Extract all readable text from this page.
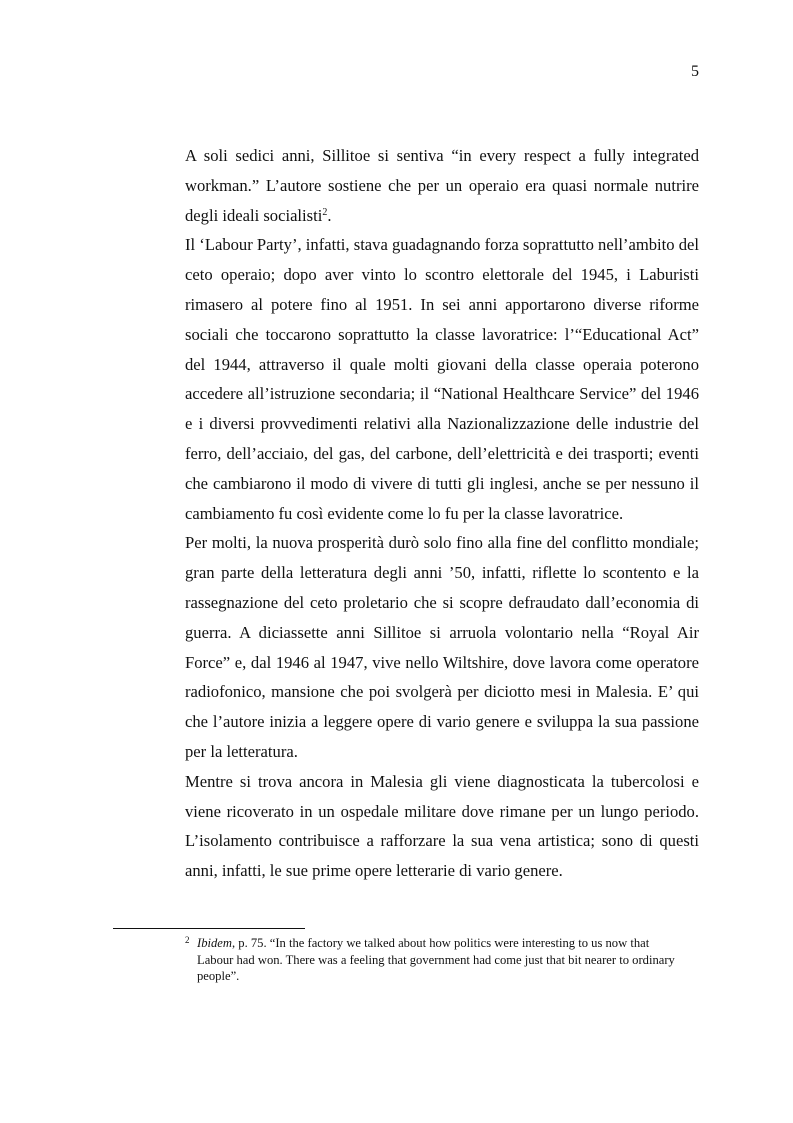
5

A soli sedici anni, Sillitoe si sentiva “in every respect a fully integrated workman.” L’autore sostiene che per un operaio era quasi normale nutrire degli ideali socialisti$^2$.

Il ‘Labour Party’, infatti, stava guadagnando forza soprattutto nell’ambito del ceto operaio; dopo aver vinto lo scontro elettorale del 1945, i Laburisti rimasero al potere fino al 1951. In sei anni apportarono diverse riforme sociali che toccarono soprattutto la classe lavoratrice: l’“Educational Act” del 1944, attraverso il quale molti giovani della classe operaia poterono accedere all’istruzione secondaria; il “National Healthcare Service” del 1946 e i diversi provvedimenti relativi alla Nazionalizzazione delle industrie del ferro, dell’acciaio, del gas, del carbone, dell’elettricità e dei trasporti; eventi che cambiarono il modo di vivere di tutti gli inglesi, anche se per nessuno il cambiamento fu così evidente come lo fu per la classe lavoratrice.

Per molti, la nuova prosperità durò solo fino alla fine del conflitto mondiale; gran parte della letteratura degli anni ’50, infatti, riflette lo scontento e la rassegnazione del ceto proletario che si scopre defraudato dall’economia di guerra. A diciassette anni Sillitoe si arruola volontario nella “Royal Air Force” e, dal 1946 al 1947, vive nello Wiltshire, dove lavora come operatore radiofonico, mansione che poi svolgerà per diciotto mesi in Malesia. E’ qui che l’autore inizia a leggere opere di vario genere e sviluppa la sua passione per la letteratura.

Mentre si trova ancora in Malesia gli viene diagnosticata la tubercolosi e viene ricoverato in un ospedale militare dove rimane per un lungo periodo. L’isolamento contribuisce a rafforzare la sua vena artistica; sono di questi anni, infatti, le sue prime opere letterarie di vario genere.

2 Ibidem, p. 75. “In the factory we talked about how politics were interesting to us now that Labour had won. There was a feeling that government had come just that bit nearer to ordinary people”.
